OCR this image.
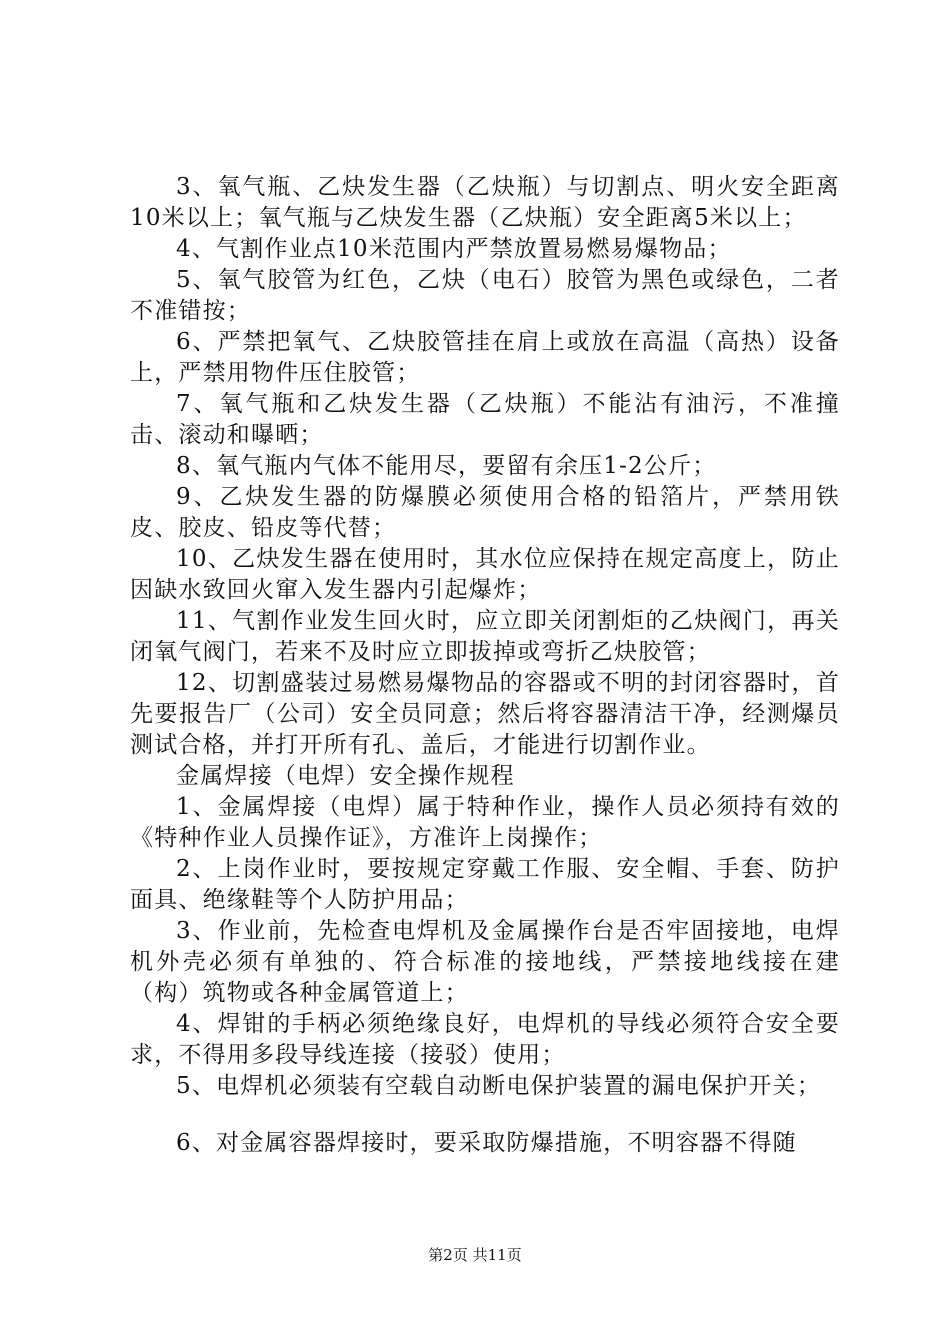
3、氧气瓶、乙炔发生器（乙炔瓶）与切割点、明火安全距离10米以上；氧气瓶与乙炔发生器（乙炔瓶）安全距离5米以上；

4、气割作业点10米范围内严禁放置易燃易爆物品；

5、氧气胶管为红色，乙炔（电石）胶管为黑色或绿色，二者不准错按；

6、严禁把氧气、乙炔胶管挂在肩上或放在高温（高热）设备上，严禁用物件压住胶管；

7、氧气瓶和乙炔发生器（乙炔瓶）不能沾有油污，不准撞击、滚动和曝晒；

8、氧气瓶内气体不能用尽，要留有余压1-2公斤；

9、乙炔发生器的防爆膜必须使用合格的铅箔片，严禁用铁皮、胶皮、铅皮等代替；

10、乙炔发生器在使用时，其水位应保持在规定高度上，防止因缺水致回火窜入发生器内引起爆炸；

11、气割作业发生回火时，应立即关闭割炬的乙炔阀门，再关闭氧气阀门，若来不及时应立即拔掉或弯折乙炔胶管；

12、切割盛装过易燃易爆物品的容器或不明的封闭容器时，首先要报告厂（公司）安全员同意；然后将容器清洁干净，经测爆员测试合格，并打开所有孔、盖后，才能进行切割作业。

金属焊接（电焊）安全操作规程

1、金属焊接（电焊）属于特种作业，操作人员必须持有效的《特种作业人员操作证》，方准许上岗操作；

2、上岗作业时，要按规定穿戴工作服、安全帽、手套、防护面具、绝缘鞋等个人防护用品；

3、作业前，先检查电焊机及金属操作台是否牢固接地，电焊机外壳必须有单独的、符合标准的接地线，严禁接地线接在建（构）筑物或各种金属管道上；

4、焊钳的手柄必须绝缘良好，电焊机的导线必须符合安全要求，不得用多段导线连接（接驳）使用；

5、电焊机必须装有空载自动断电保护装置的漏电保护开关；

6、对金属容器焊接时，要采取防爆措施，不明容器不得随

第2页 共11页
